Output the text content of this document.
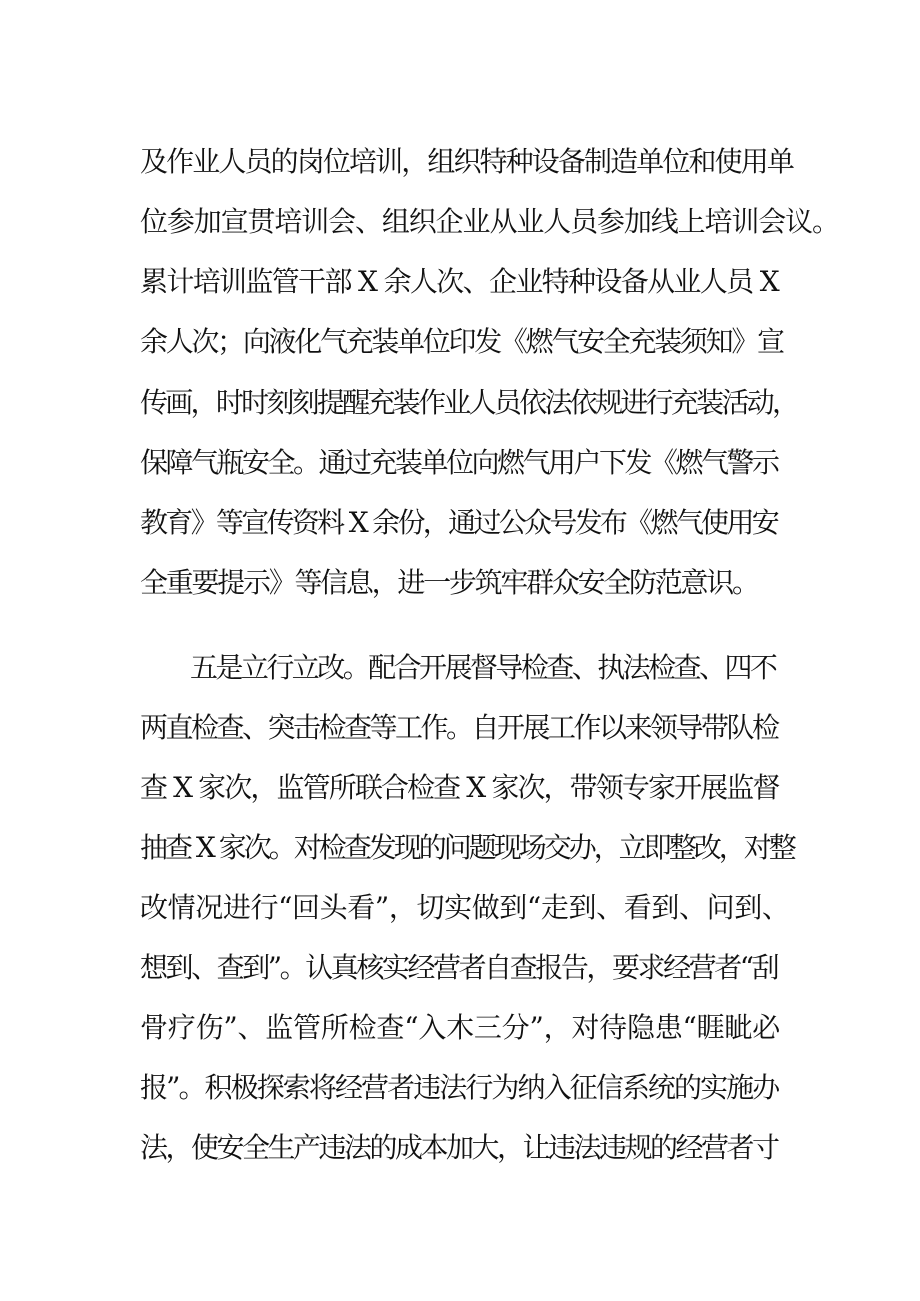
及作业人员的岗位培训，组织特种设备制造单位和使用单
位参加宣贯培训会、组织企业从业人员参加线上培训会议。
累计培训监管干部 X 余人次、企业特种设备从业人员 X
余人次；向液化气充装单位印发《燃气安全充装须知》宣
传画，时时刻刻提醒充装作业人员依法依规进行充装活动，
保障气瓶安全。通过充装单位向燃气用户下发《燃气警示
教育》等宣传资料 X 余份，通过公众号发布《燃气使用安
全重要提示》等信息，进一步筑牢群众安全防范意识。
五是立行立改。配合开展督导检查、执法检查、四不
两直检查、突击检查等工作。自开展工作以来领导带队检
查 X 家次，监管所联合检查 X 家次，带领专家开展监督
抽查 X 家次。对检查发现的问题现场交办，立即整改，对整
改情况进行“回头看”，切实做到“走到、看到、问到、
想到、查到”。认真核实经营者自查报告，要求经营者“刮
骨疗伤”、监管所检查“入木三分”，对待隐患“睚眦必
报”。积极探索将经营者违法行为纳入征信系统的实施办
法，使安全生产违法的成本加大，让违法违规的经营者寸
